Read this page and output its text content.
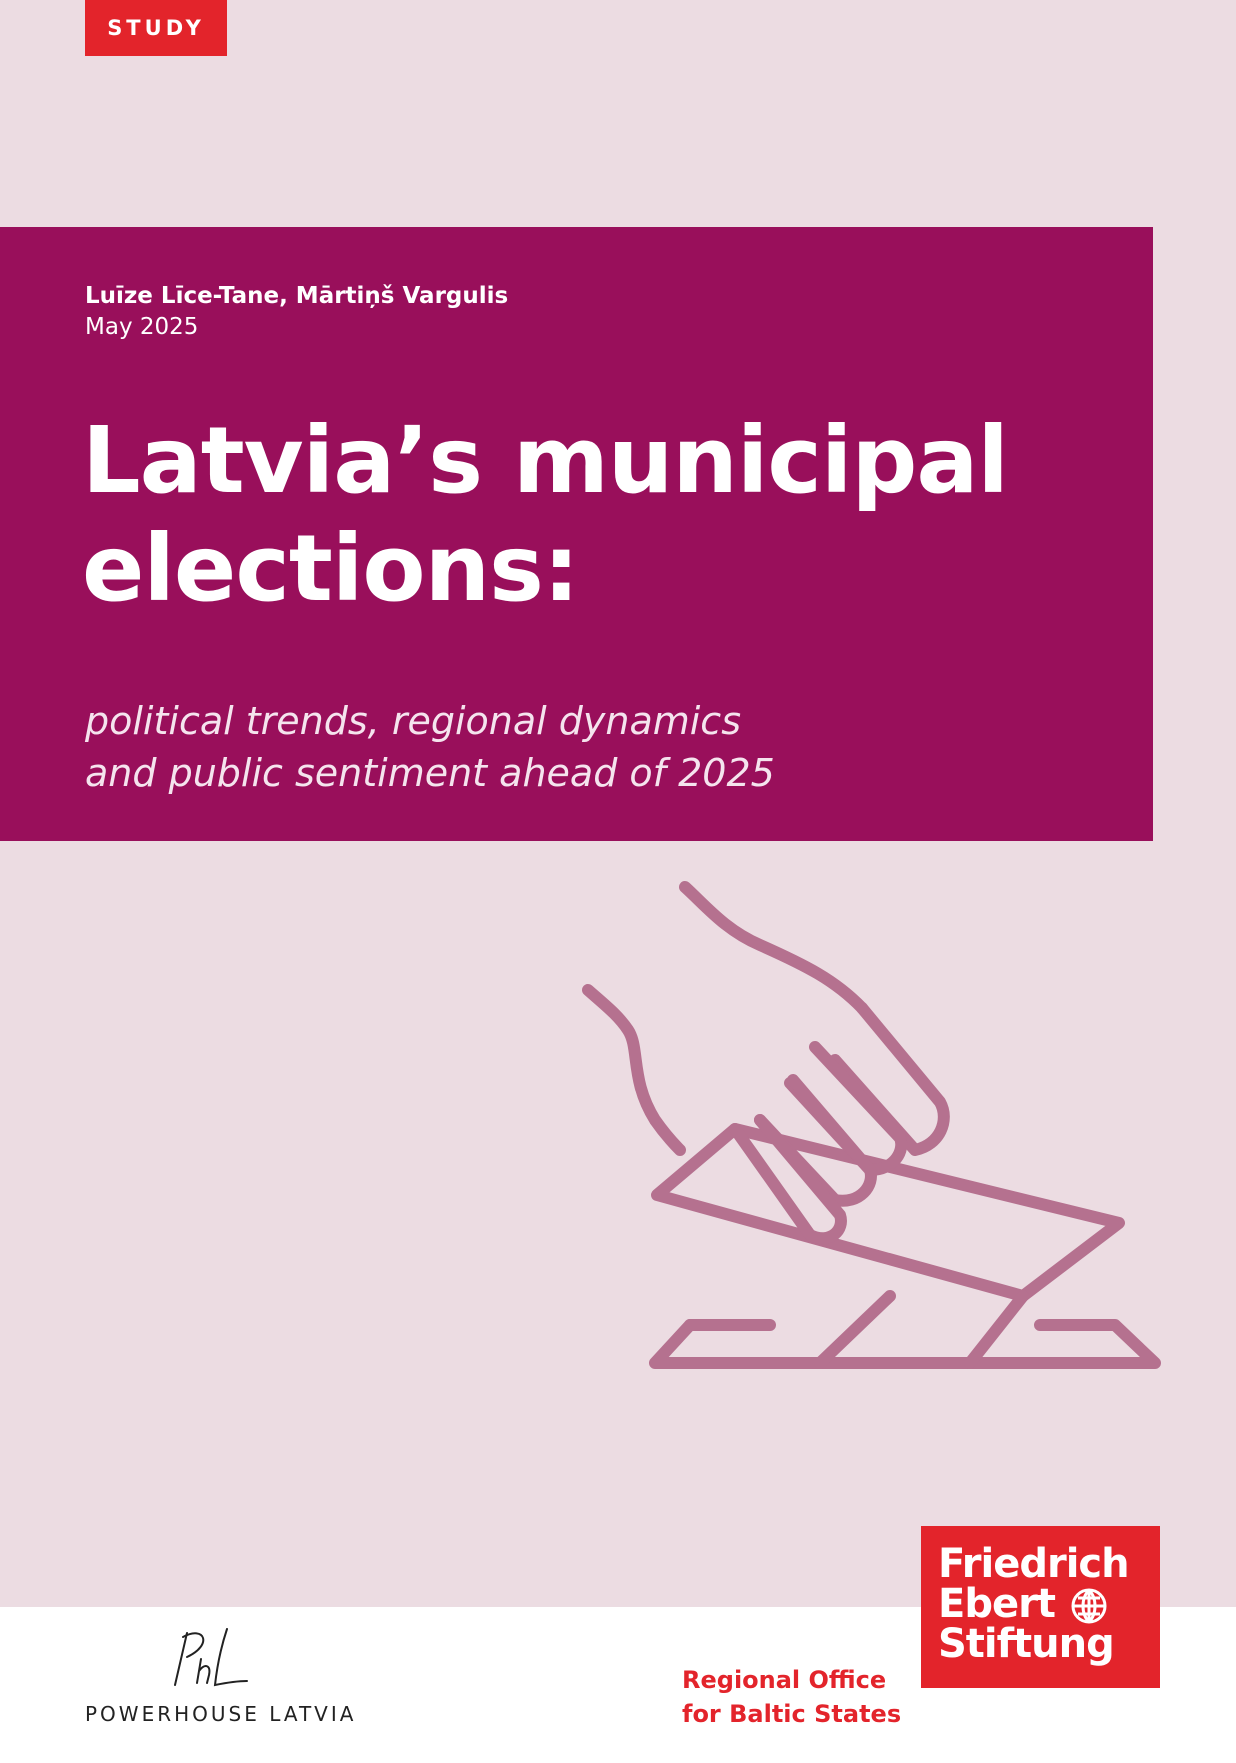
STUDY
Luīze Līce-Tane, Mārtiņš Vargulis
May 2025
Latvia’s municipal
elections:
political trends, regional dynamics
and public sentiment ahead of 2025
POWERHOUSE LATVIA
Friedrich
Ebert
Stiftung
Regional Office
for Baltic States
